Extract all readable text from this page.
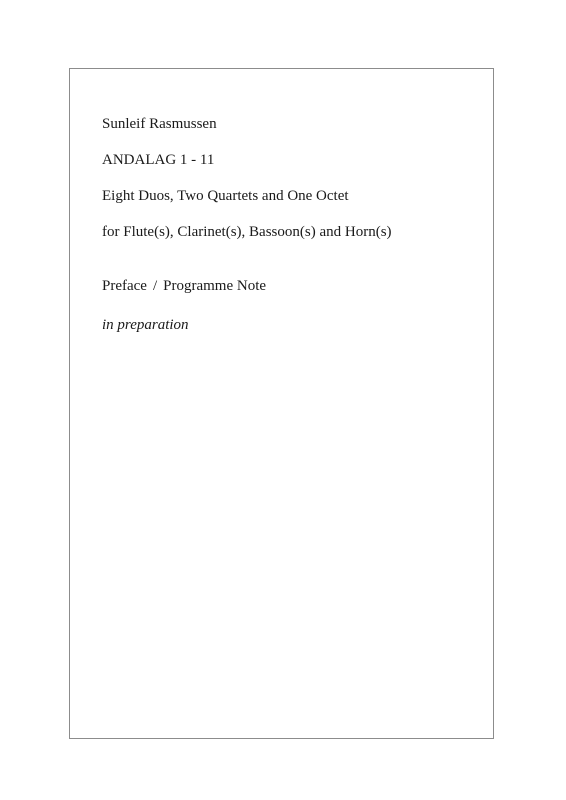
Sunleif Rasmussen

ANDALAG 1 - 11

Eight Duos, Two Quartets and One Octet

for Flute(s), Clarinet(s), Bassoon(s) and Horn(s)

Preface / Programme Note

in preparation
